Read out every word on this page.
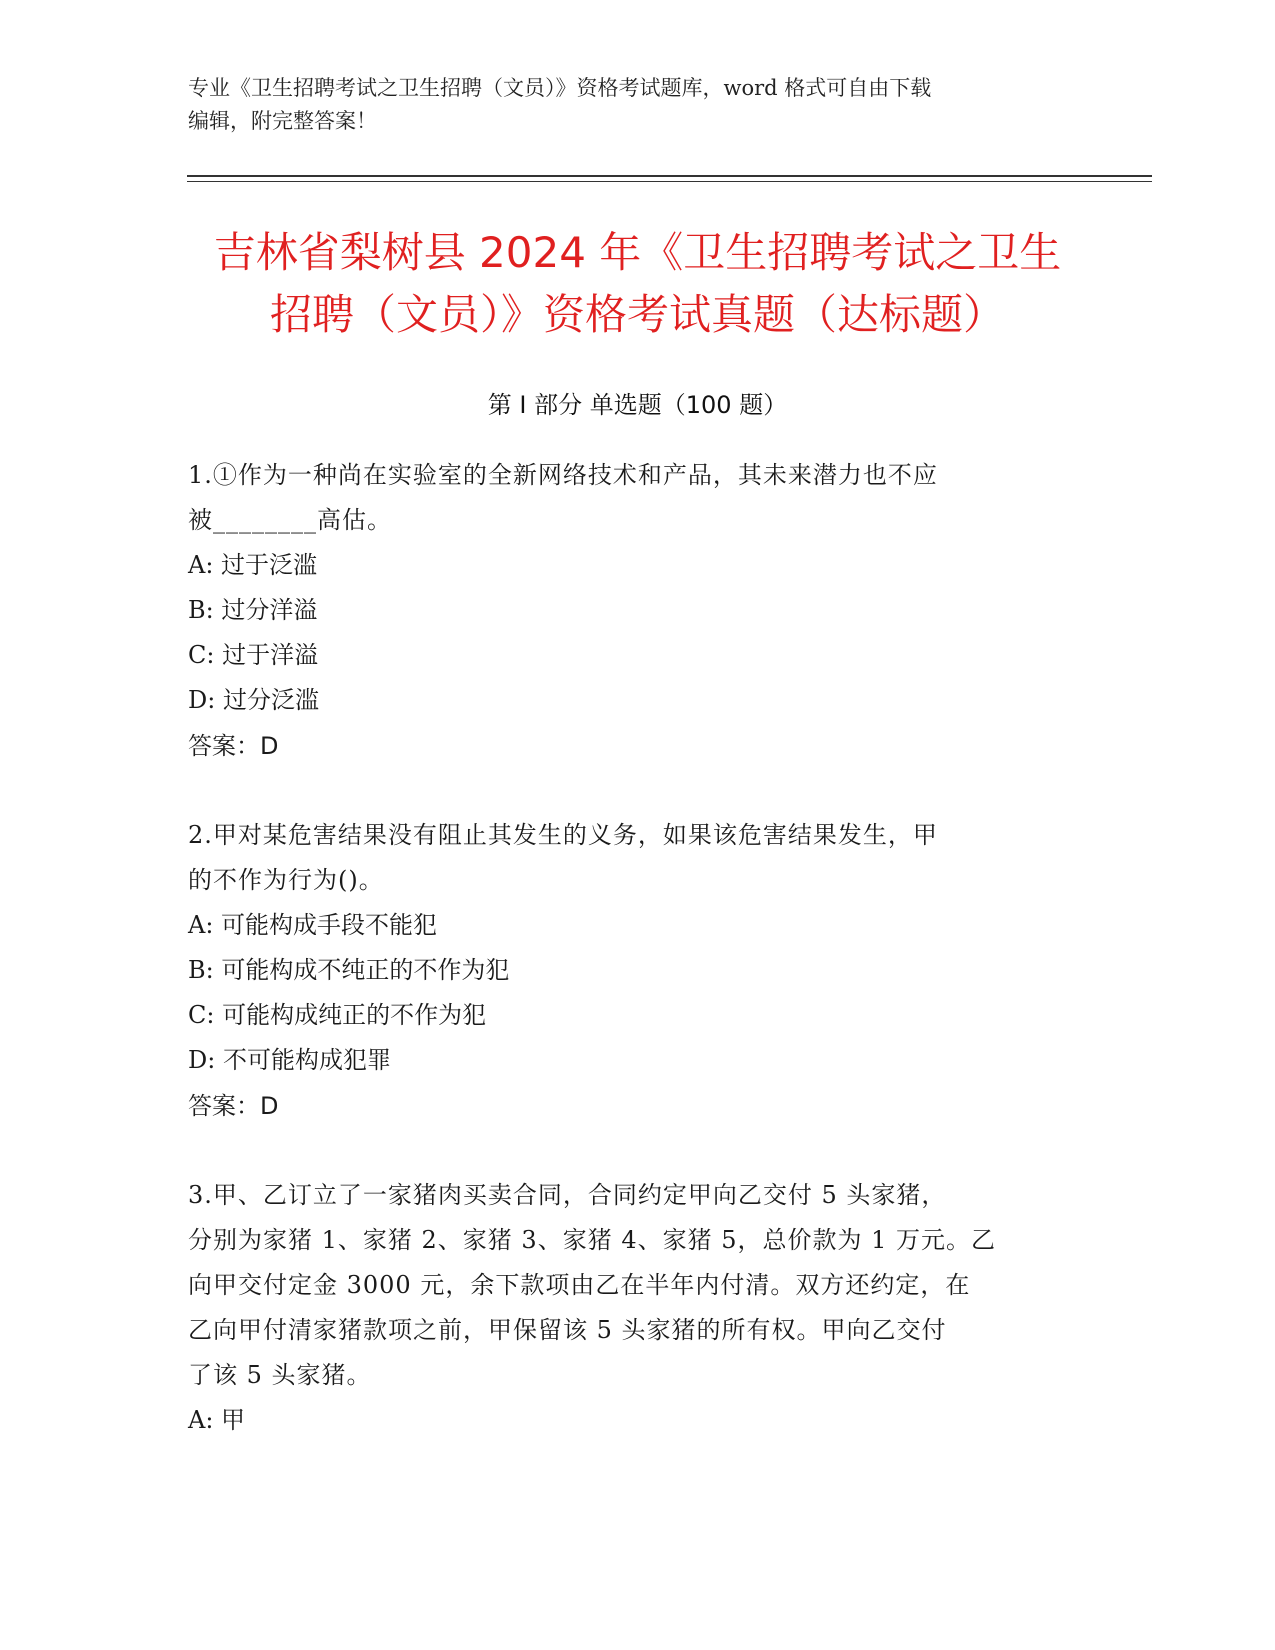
专业《卫生招聘考试之卫生招聘（文员）》资格考试题库，word 格式可自由下载
编辑，附完整答案！
吉林省梨树县 2024 年《卫生招聘考试之卫生
招聘（文员）》资格考试真题（达标题）
第 I 部分 单选题（100 题）
1.①作为一种尚在实验室的全新网络技术和产品，其未来潜力也不应
被________高估。
A: 过于泛滥
B: 过分洋溢
C: 过于洋溢
D: 过分泛滥
答案：D
2.甲对某危害结果没有阻止其发生的义务，如果该危害结果发生，甲
的不作为行为()。
A: 可能构成手段不能犯
B: 可能构成不纯正的不作为犯
C: 可能构成纯正的不作为犯
D: 不可能构成犯罪
答案：D
3.甲、乙订立了一家猪肉买卖合同，合同约定甲向乙交付 5 头家猪，
分别为家猪 1、家猪 2、家猪 3、家猪 4、家猪 5，总价款为 1 万元。乙
向甲交付定金 3000 元，余下款项由乙在半年内付清。双方还约定，在
乙向甲付清家猪款项之前，甲保留该 5 头家猪的所有权。甲向乙交付
了该 5 头家猪。
A: 甲
